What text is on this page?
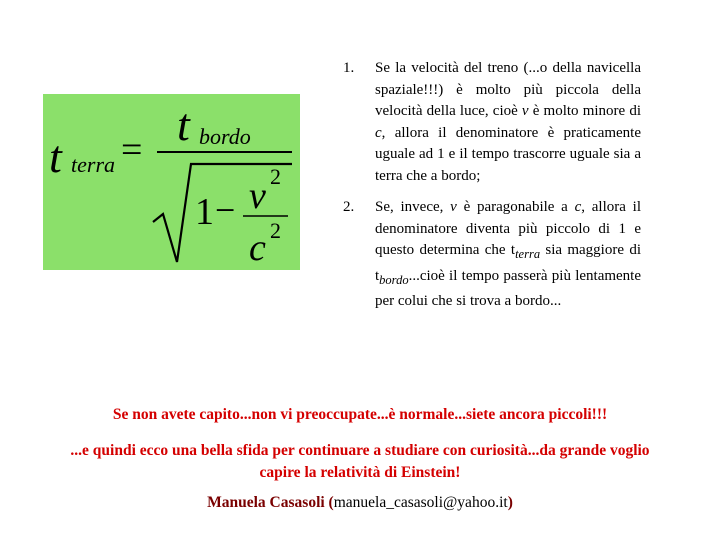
t terra = t bordo
1 − v 2
c 2
1. Se la velocità del treno (...o della navicella spaziale!!!) è molto più piccola della velocità della luce, cioè v è molto minore di c, allora il denominatore è praticamente uguale ad 1 e il tempo trascorre uguale sia a terra che a bordo;
2. Se, invece, v è paragonabile a c, allora il denominatore diventa più piccolo di 1 e questo determina che $t_{terra}$ sia maggiore di $t_{bordo}...cioè$ il tempo passerà più lentamente per colui che si trova a bordo...
Se non avete capito...non vi preoccupate...è normale...siete ancora piccoli!!!
...e quindi ecco una bella sfida per continuare a studiare con curiosità...da grande voglio capire la relatività di Einstein!
Manuela Casasoli (manuela_casasoli@yahoo.it)
